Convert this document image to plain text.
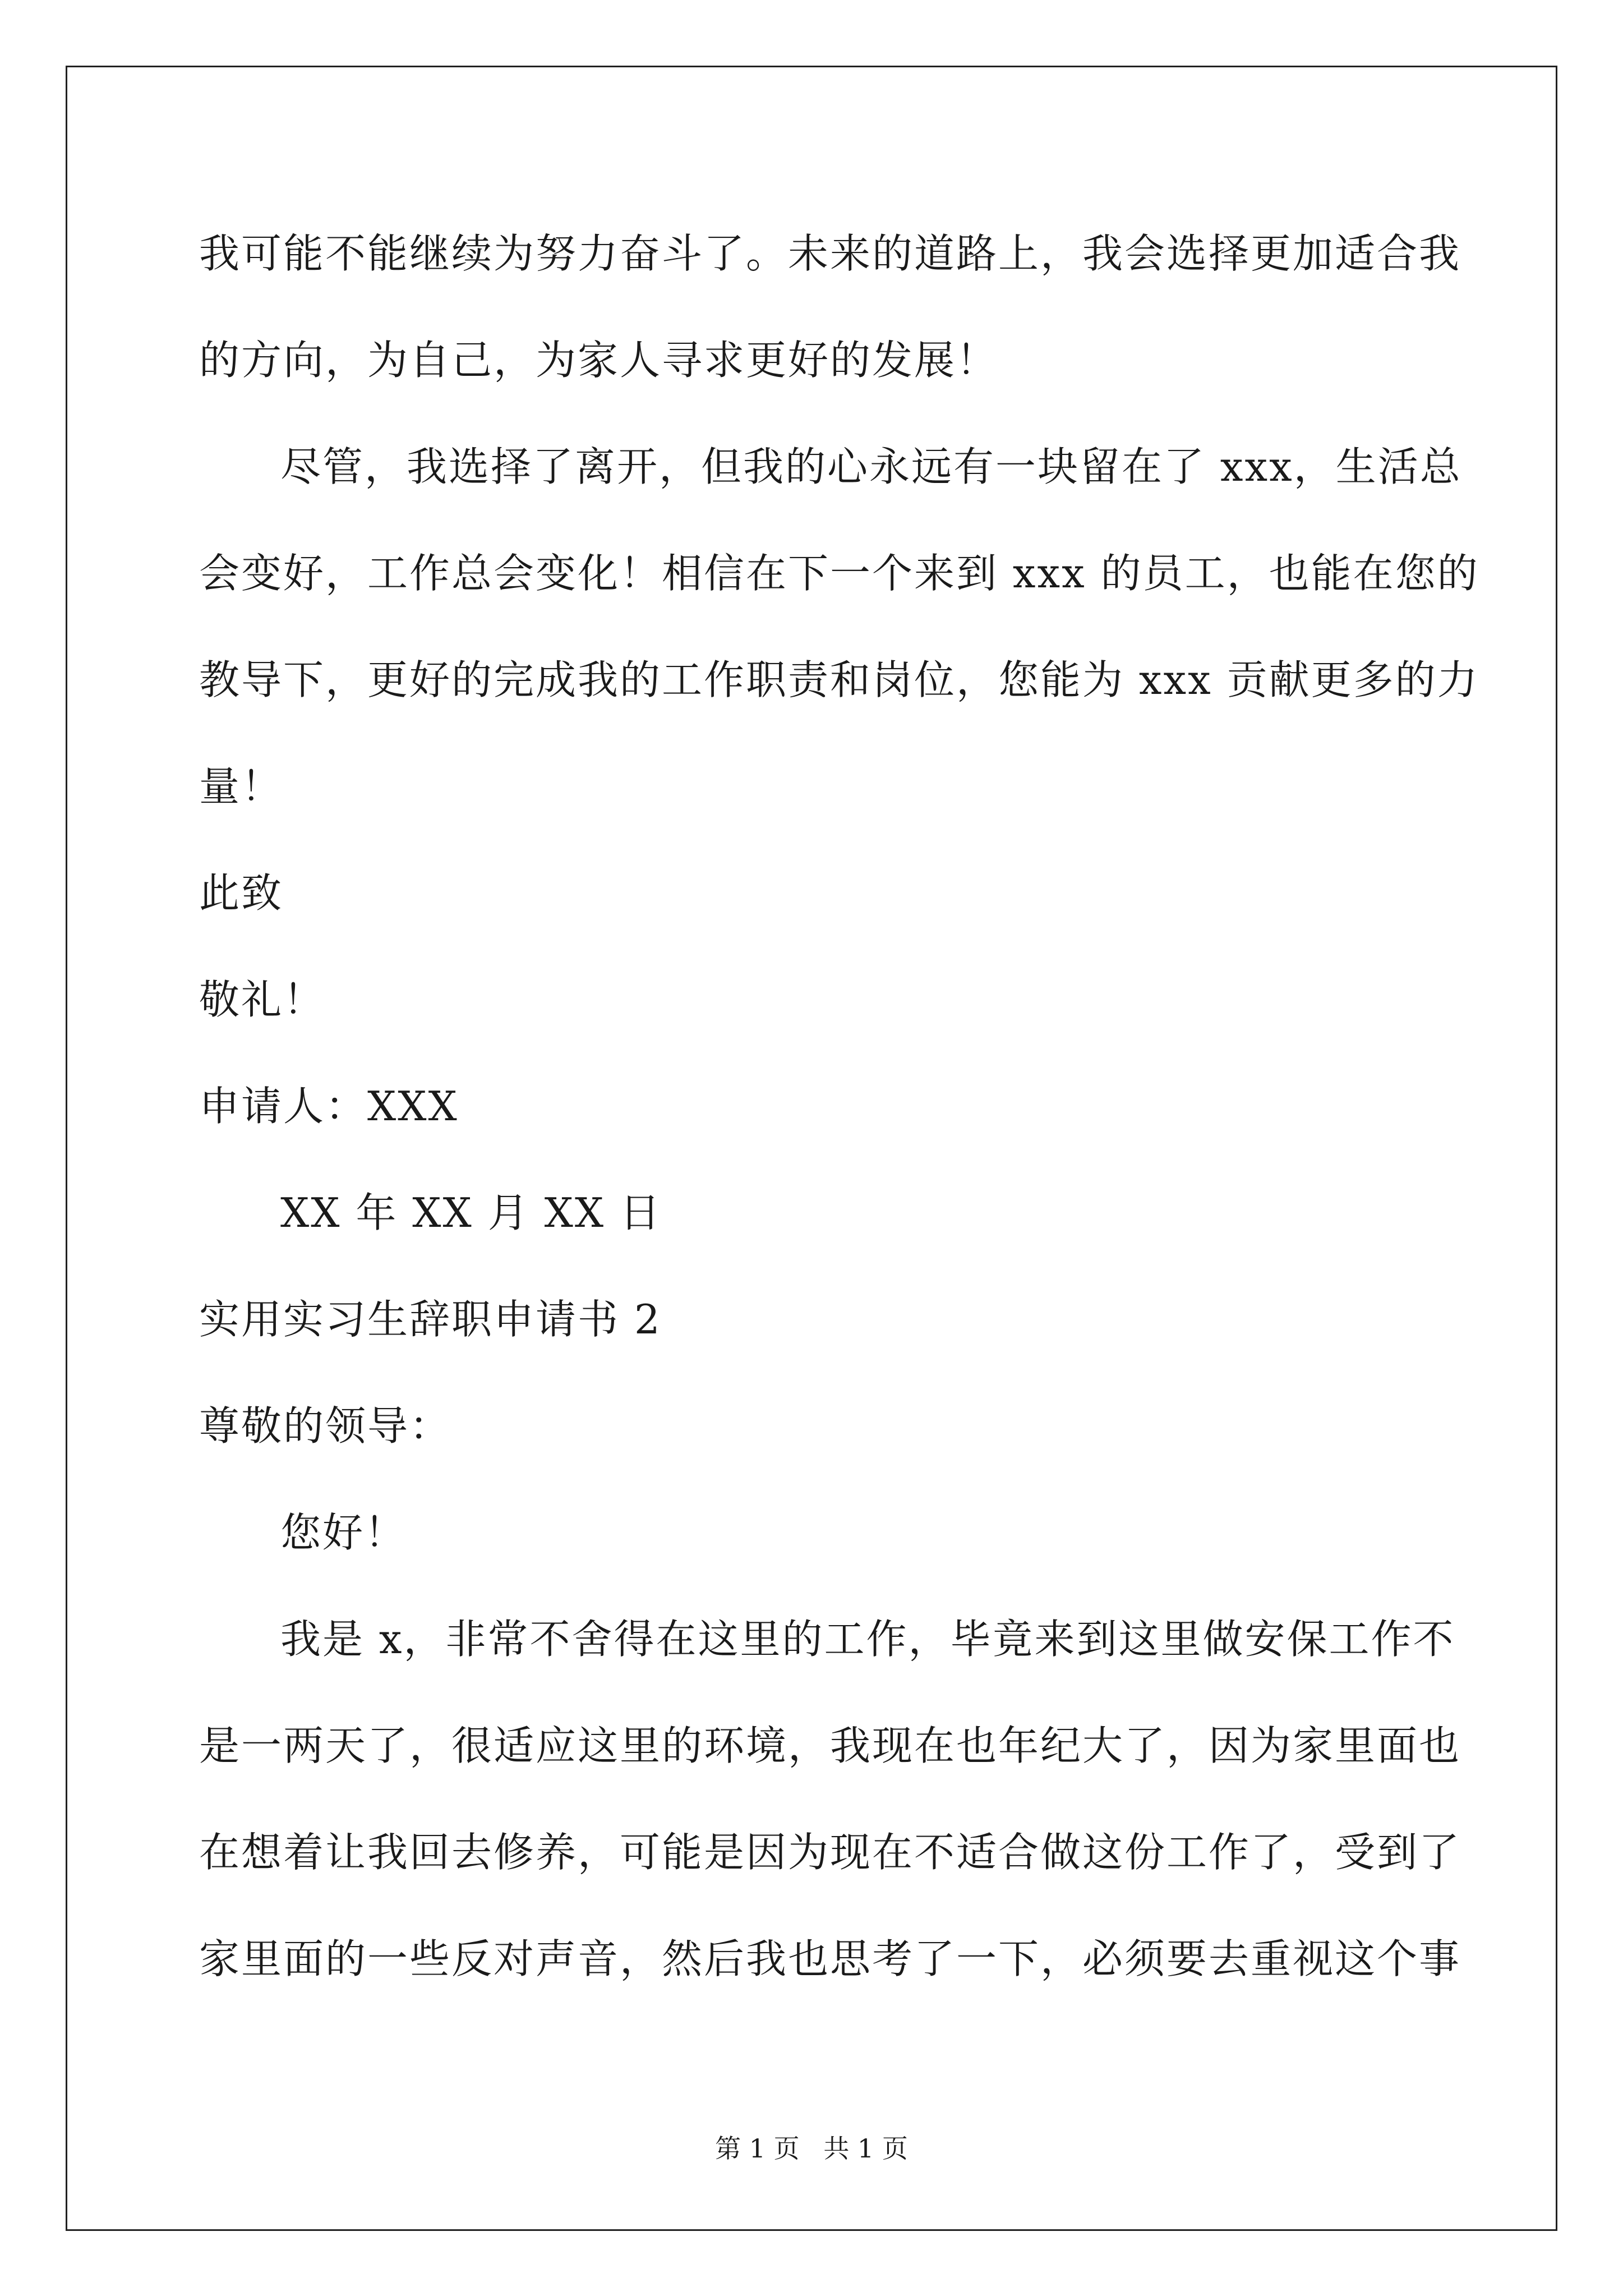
我可能不能继续为努力奋斗了。未来的道路上，我会选择更加适合我
的方向，为自己，为家人寻求更好的发展！
尽管，我选择了离开，但我的心永远有一块留在了 xxx，生活总
会变好，工作总会变化！相信在下一个来到 xxx 的员工，也能在您的
教导下，更好的完成我的工作职责和岗位，您能为 xxx 贡献更多的力
量！
此致
敬礼！
申请人：XXX
XX 年 XX 月 XX 日
实用实习生辞职申请书 2
尊敬的领导：
您好！
我是 x，非常不舍得在这里的工作，毕竟来到这里做安保工作不
是一两天了，很适应这里的环境，我现在也年纪大了，因为家里面也
在想着让我回去修养，可能是因为现在不适合做这份工作了，受到了
家里面的一些反对声音，然后我也思考了一下，必须要去重视这个事
第 1 页 共 1 页
